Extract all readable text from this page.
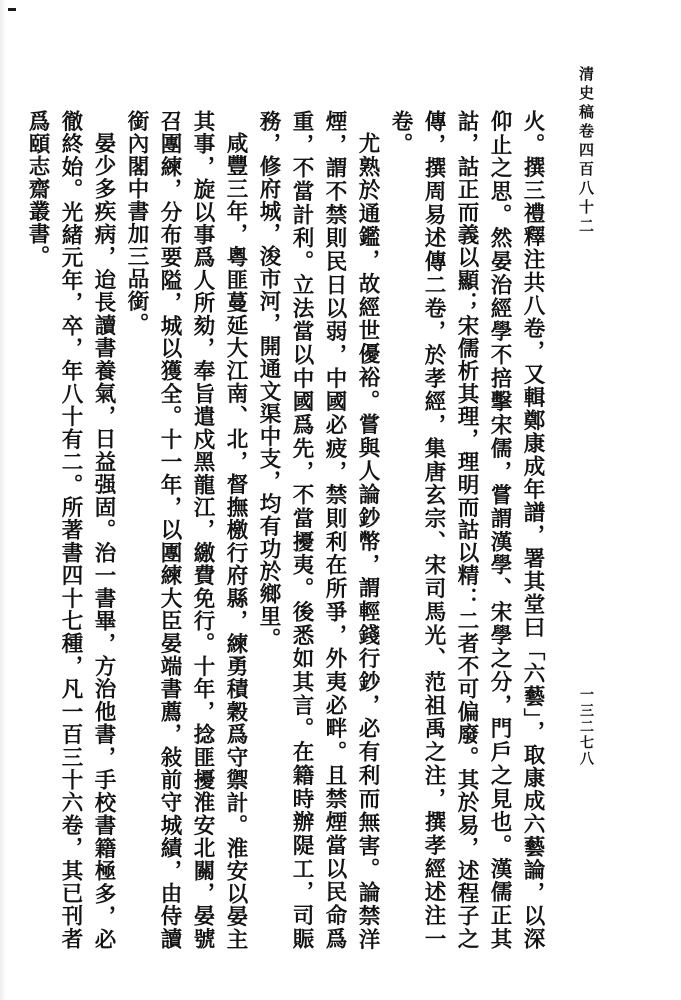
清史稿卷四百八十二
一三二七八

火。撰三禮釋注共八卷，又輯鄭康成年譜，署其堂曰「六藝」，取康成六藝論，以深仰止之思。然晏治經學不掊擊宋儒，嘗謂漢學、宋學之分，門戶之見也。漢儒正其詁，詁正而義以顯；宋儒析其理，理明而詁以精：二者不可偏廢。其於易，述程子之傳，撰周易述傳二卷，於孝經，集唐玄宗、宋司馬光、范祖禹之注，撰孝經述注一卷。

尤熟於通鑑，故經世優裕。嘗與人論鈔幣，謂輕錢行鈔，必有利而無害。論禁洋煙，謂不禁則民日以弱，中國必疲，禁則利在所爭，外夷必畔。且禁煙當以民命爲重，不當計利。立法當以中國爲先，不當擾夷。後悉如其言。在籍時辦隄工，司賑務，修府城，浚市河，開通文渠中支，均有功於鄉里。

咸豐三年，粵匪蔓延大江南、北，督撫檄行府縣，練勇積穀爲守禦計。淮安以晏主其事，旋以事爲人所劾，奉旨遣戍黑龍江，繳費免行。十年，捻匪擾淮安北關，晏號召團練，分布要隘，城以獲全。十一年，以團練大臣晏端書薦，敍前守城績，由侍讀銜內閣中書加三品銜。

晏少多疾病，迨長讀書養氣，日益强固。治一書畢，方治他書，手校書籍極多，必徹終始。光緒元年，卒，年八十有二。所著書四十七種，凡一百三十六卷，其已刊者爲頤志齋叢書。
